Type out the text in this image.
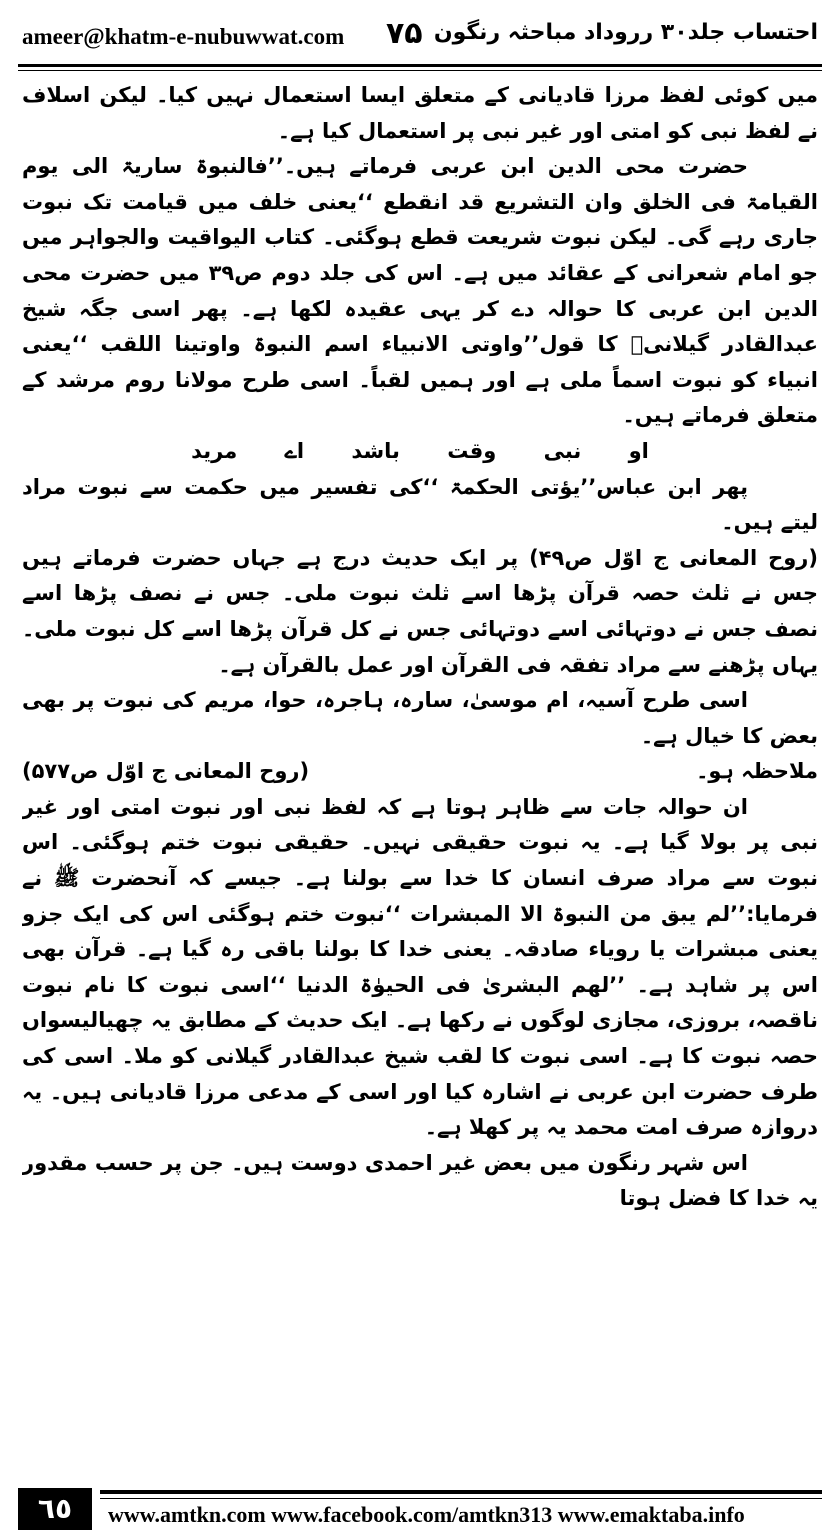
ameer@khatm-e-nubuwwat.com ۷۵ احتساب جلد۳۰ رروداد مباحثہ رنگون

میں کوئی لفظ مرزا قادیانی کے متعلق ایسا استعمال نہیں کیا۔ لیکن اسلاف نے لفظ نبی کو امتی اور غیر نبی پر استعمال کیا ہے۔

حضرت محی الدین ابن عربی فرماتے ہیں۔’’فالنبوۃ ساریۃ الی یوم القیامۃ فی الخلق وان التشریع قد انقطع ‘‘یعنی خلف میں قیامت تک نبوت جاری رہے گی۔ لیکن نبوت شریعت قطع ہوگئی۔ کتاب الیواقیت والجواہر میں جو امام شعرانی کے عقائد میں ہے۔ اس کی جلد دوم ص۳۹ میں حضرت محی الدین ابن عربی کا حوالہ دے کر یہی عقیدہ لکھا ہے۔ پھر اسی جگہ شیخ عبدالقادر گیلانیؒ کا قول’’واوتی الانبیاء اسم النبوۃ واوتینا اللقب ‘‘یعنی انبیاء کو نبوت اسماً ملی ہے اور ہمیں لقباً۔ اسی طرح مولانا روم مرشد کے متعلق فرماتے ہیں۔

او نبی وقت باشد اے مرید

پھر ابن عباس’’یؤتی الحکمۃ ‘‘کی تفسیر میں حکمت سے نبوت مراد لیتے ہیں۔

(روح المعانی ج اوّل ص۴۹) پر ایک حدیث درج ہے جہاں حضرت فرماتے ہیں جس نے ثلث حصہ قرآن پڑھا اسے ثلث نبوت ملی۔ جس نے نصف پڑھا اسے نصف جس نے دوتہائی اسے دوتہائی جس نے کل قرآن پڑھا اسے کل نبوت ملی۔ یہاں پڑھنے سے مراد تفقہ فی القرآن اور عمل بالقرآن ہے۔

اسی طرح آسیہ، ام موسیٰ، سارہ، ہاجرہ، حوا، مریم کی نبوت پر بھی بعض کا خیال ہے۔

ملاحظہ ہو۔
(روح المعانی ج اوّل ص۵۷۷)

ان حوالہ جات سے ظاہر ہوتا ہے کہ لفظ نبی اور نبوت امتی اور غیر نبی پر بولا گیا ہے۔ یہ نبوت حقیقی نہیں۔ حقیقی نبوت ختم ہوگئی۔ اس نبوت سے مراد صرف انسان کا خدا سے بولنا ہے۔ جیسے کہ آنحضرت ﷺ نے فرمایا:’’لم یبق من النبوۃ الا المبشرات ‘‘نبوت ختم ہوگئی اس کی ایک جزو یعنی مبشرات یا رویاء صادقہ۔ یعنی خدا کا بولنا باقی رہ گیا ہے۔ قرآن بھی اس پر شاہد ہے۔ ’’لھم البشریٰ فی الحیوٰۃ الدنیا ‘‘اسی نبوت کا نام نبوت ناقصہ، بروزی، مجازی لوگوں نے رکھا ہے۔ ایک حدیث کے مطابق یہ چھیالیسواں حصہ نبوت کا ہے۔ اسی نبوت کا لقب شیخ عبدالقادر گیلانی کو ملا۔ اسی کی طرف حضرت ابن عربی نے اشارہ کیا اور اسی کے مدعی مرزا قادیانی ہیں۔ یہ دروازہ صرف امت محمد یہ پر کھلا ہے۔

اس شہر رنگون میں بعض غیر احمدی دوست ہیں۔ جن پر حسب مقدور یہ خدا کا فضل ہوتا

٦٥	www.amtkn.com www.facebook.com/amtkn313 www.emaktaba.info
